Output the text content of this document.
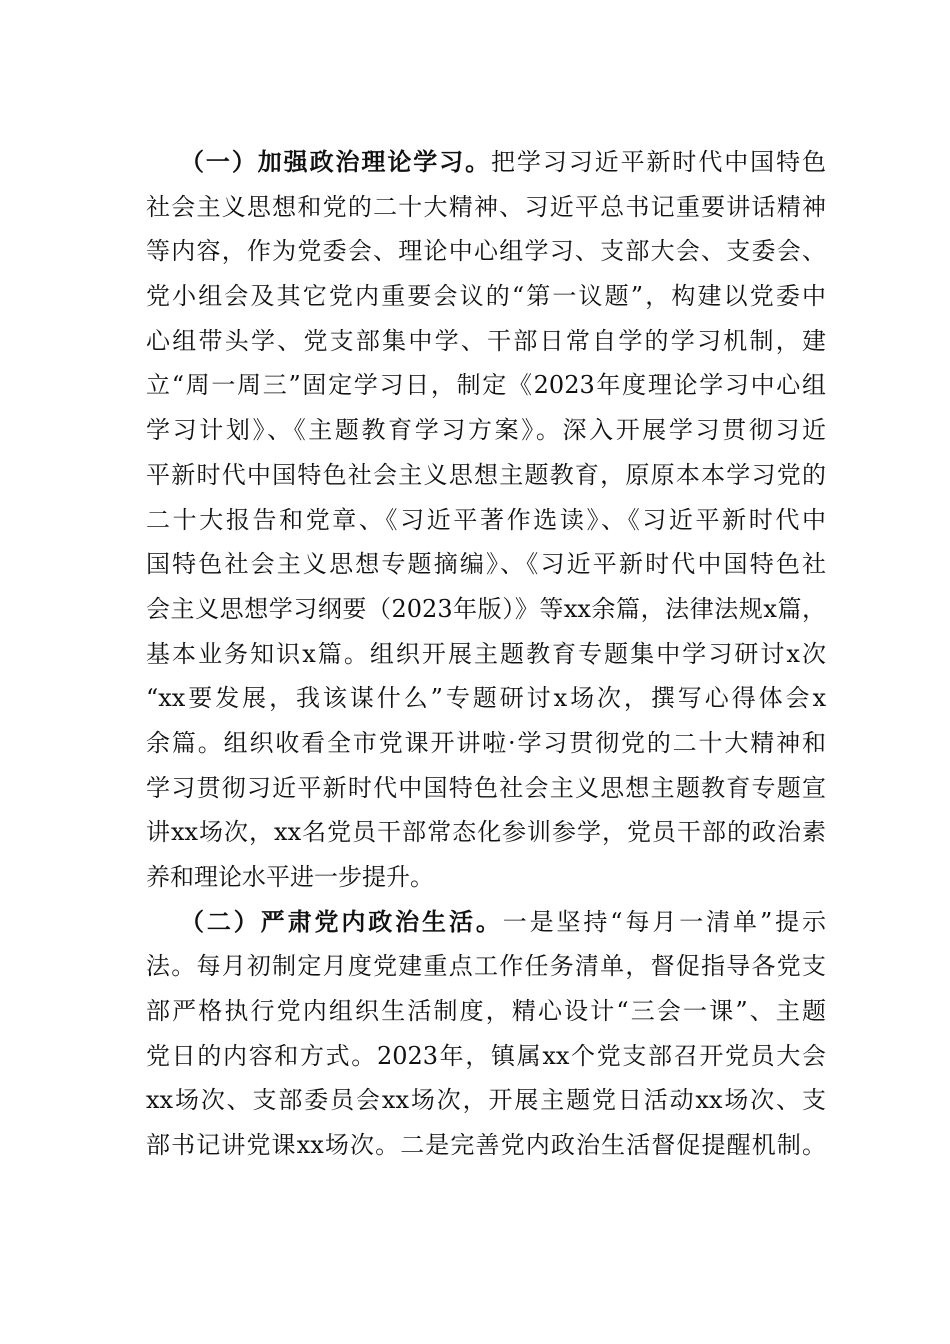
（一）加强政治理论学习。把学习习近平新时代中国特色
社会主义思想和党的二十大精神、习近平总书记重要讲话精神
等内容，作为党委会、理论中心组学习、支部大会、支委会、
党小组会及其它党内重要会议的“第一议题”，构建以党委中
心组带头学、党支部集中学、干部日常自学的学习机制，建
立“周一周三”固定学习日，制定《2023年度理论学习中心组
学习计划》、《主题教育学习方案》。深入开展学习贯彻习近
平新时代中国特色社会主义思想主题教育，原原本本学习党的
二十大报告和党章、《习近平著作选读》、《习近平新时代中
国特色社会主义思想专题摘编》、《习近平新时代中国特色社
会主义思想学习纲要（2023年版）》等xx余篇，法律法规x篇，
基本业务知识x篇。组织开展主题教育专题集中学习研讨x次
“xx要发展，我该谋什么”专题研讨x场次，撰写心得体会x
余篇。组织收看全市党课开讲啦·学习贯彻党的二十大精神和
学习贯彻习近平新时代中国特色社会主义思想主题教育专题宣
讲xx场次，xx名党员干部常态化参训参学，党员干部的政治素
养和理论水平进一步提升。
（二）严肃党内政治生活。一是坚持“每月一清单”提示
法。每月初制定月度党建重点工作任务清单，督促指导各党支
部严格执行党内组织生活制度，精心设计“三会一课”、主题
党日的内容和方式。2023年，镇属xx个党支部召开党员大会
xx场次、支部委员会xx场次，开展主题党日活动xx场次、支
部书记讲党课xx场次。二是完善党内政治生活督促提醒机制。
